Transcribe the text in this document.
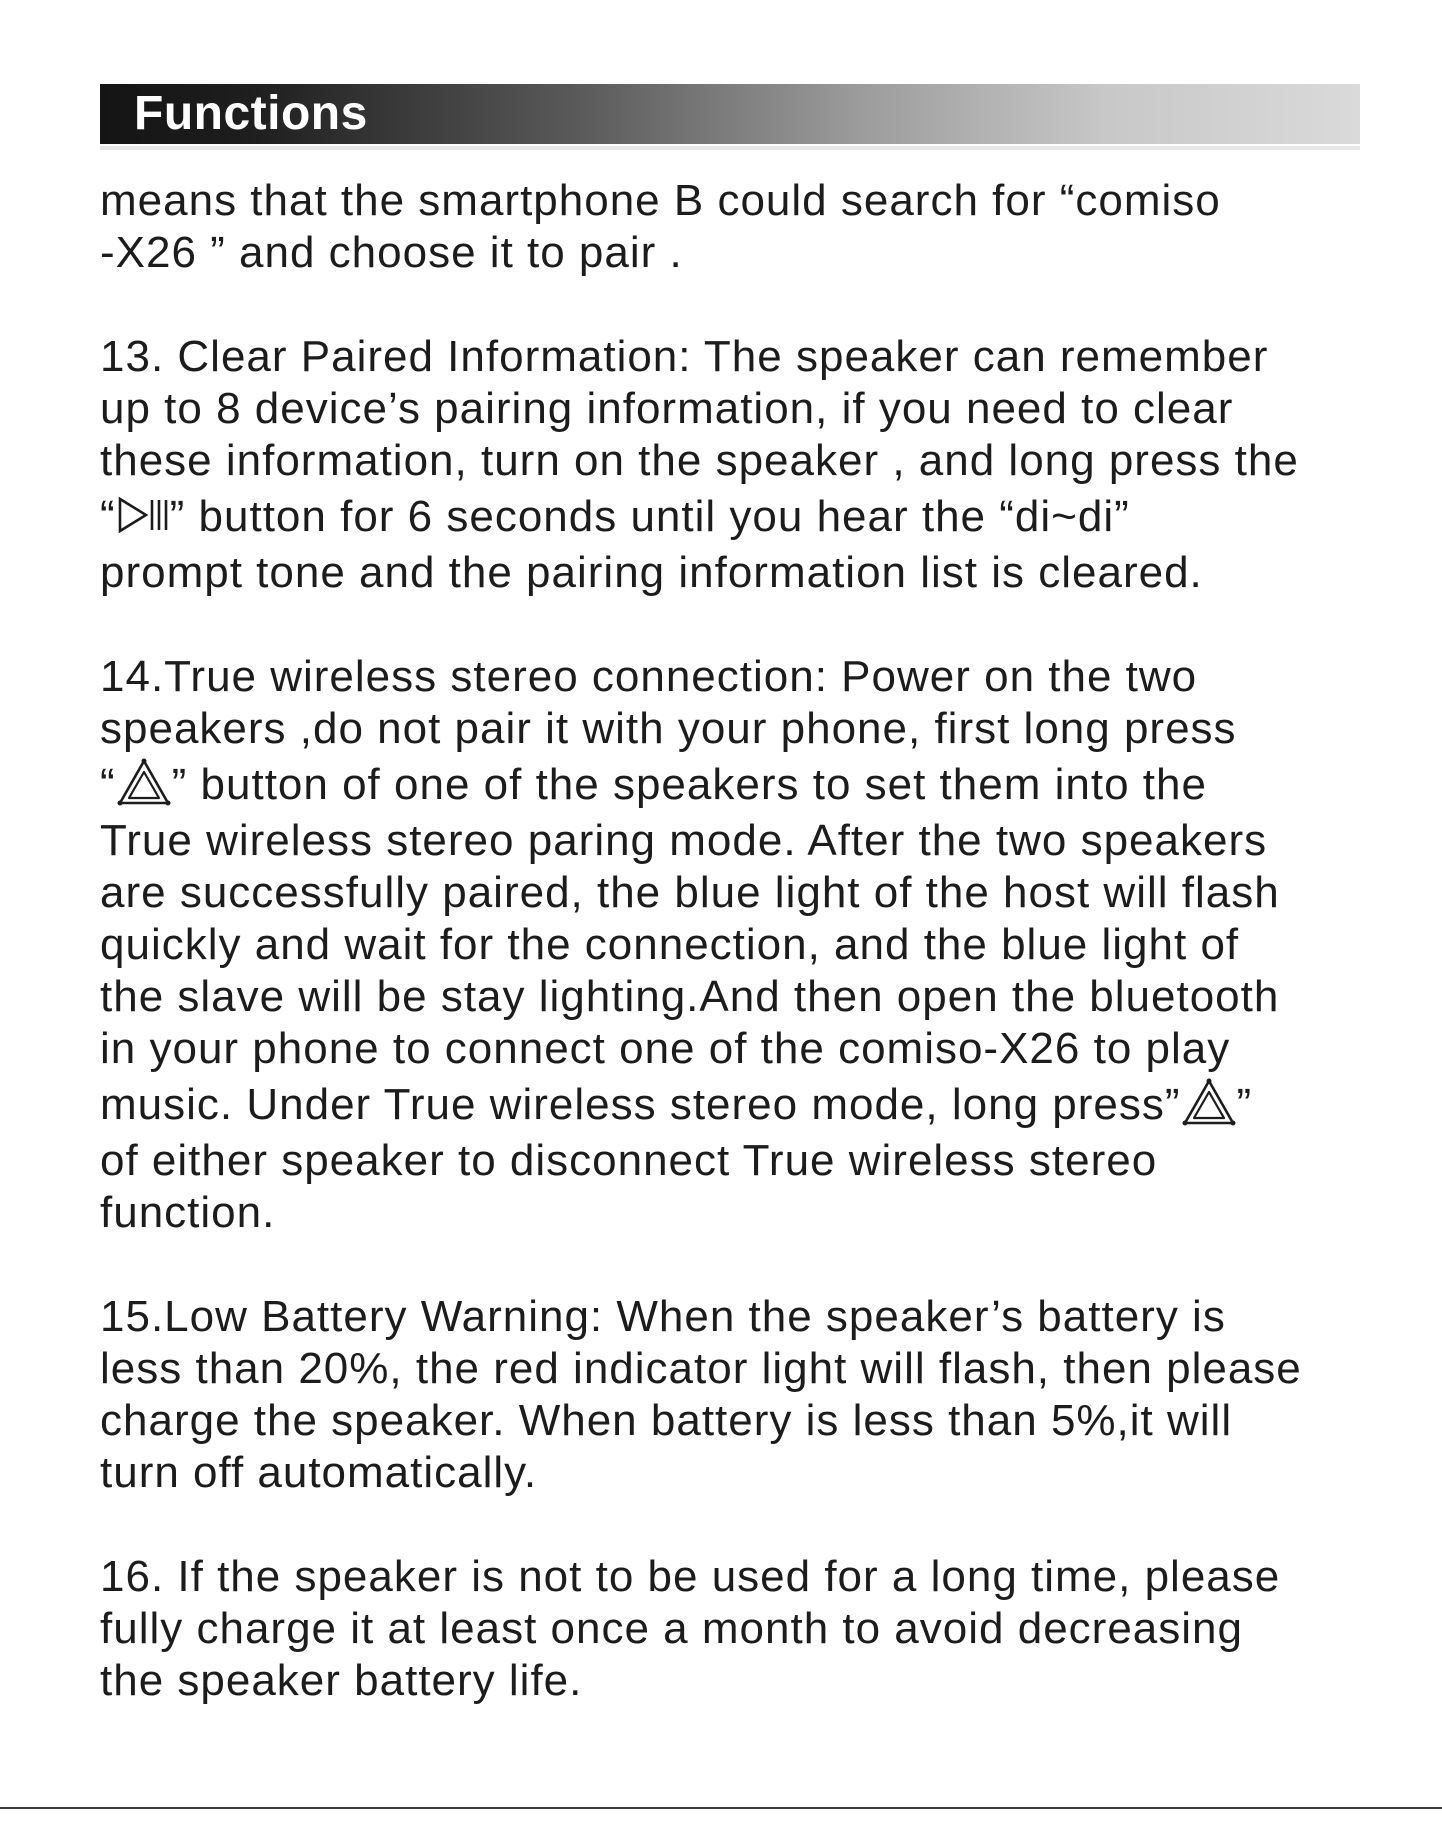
Functions
means that the smartphone B could search for “comiso
-X26 ” and choose it to pair .
13. Clear Paired Information: The speaker can remember
up to 8 device’s pairing information, if you need to clear
these information, turn on the speaker , and long press the
“ ” button for 6 seconds until you hear the “di~di”
prompt tone and the pairing information list is cleared.
14.True wireless stereo connection: Power on the two
speakers ,do not pair it with your phone, first long press
“ ” button of one of the speakers to set them into the
True wireless stereo paring mode. After the two speakers
are successfully paired, the blue light of the host will flash
quickly and wait for the connection, and the blue light of
the slave will be stay lighting.And then open the bluetooth
in your phone to connect one of the comiso-X26 to play
music. Under True wireless stereo mode, long press” ”
of either speaker to disconnect True wireless stereo
function.
15.Low Battery Warning: When the speaker’s battery is
less than 20%, the red indicator light will flash, then please
charge the speaker. When battery is less than 5%,it will
turn off automatically.
16. If the speaker is not to be used for a long time, please
fully charge it at least once a month to avoid decreasing
the speaker battery life.
